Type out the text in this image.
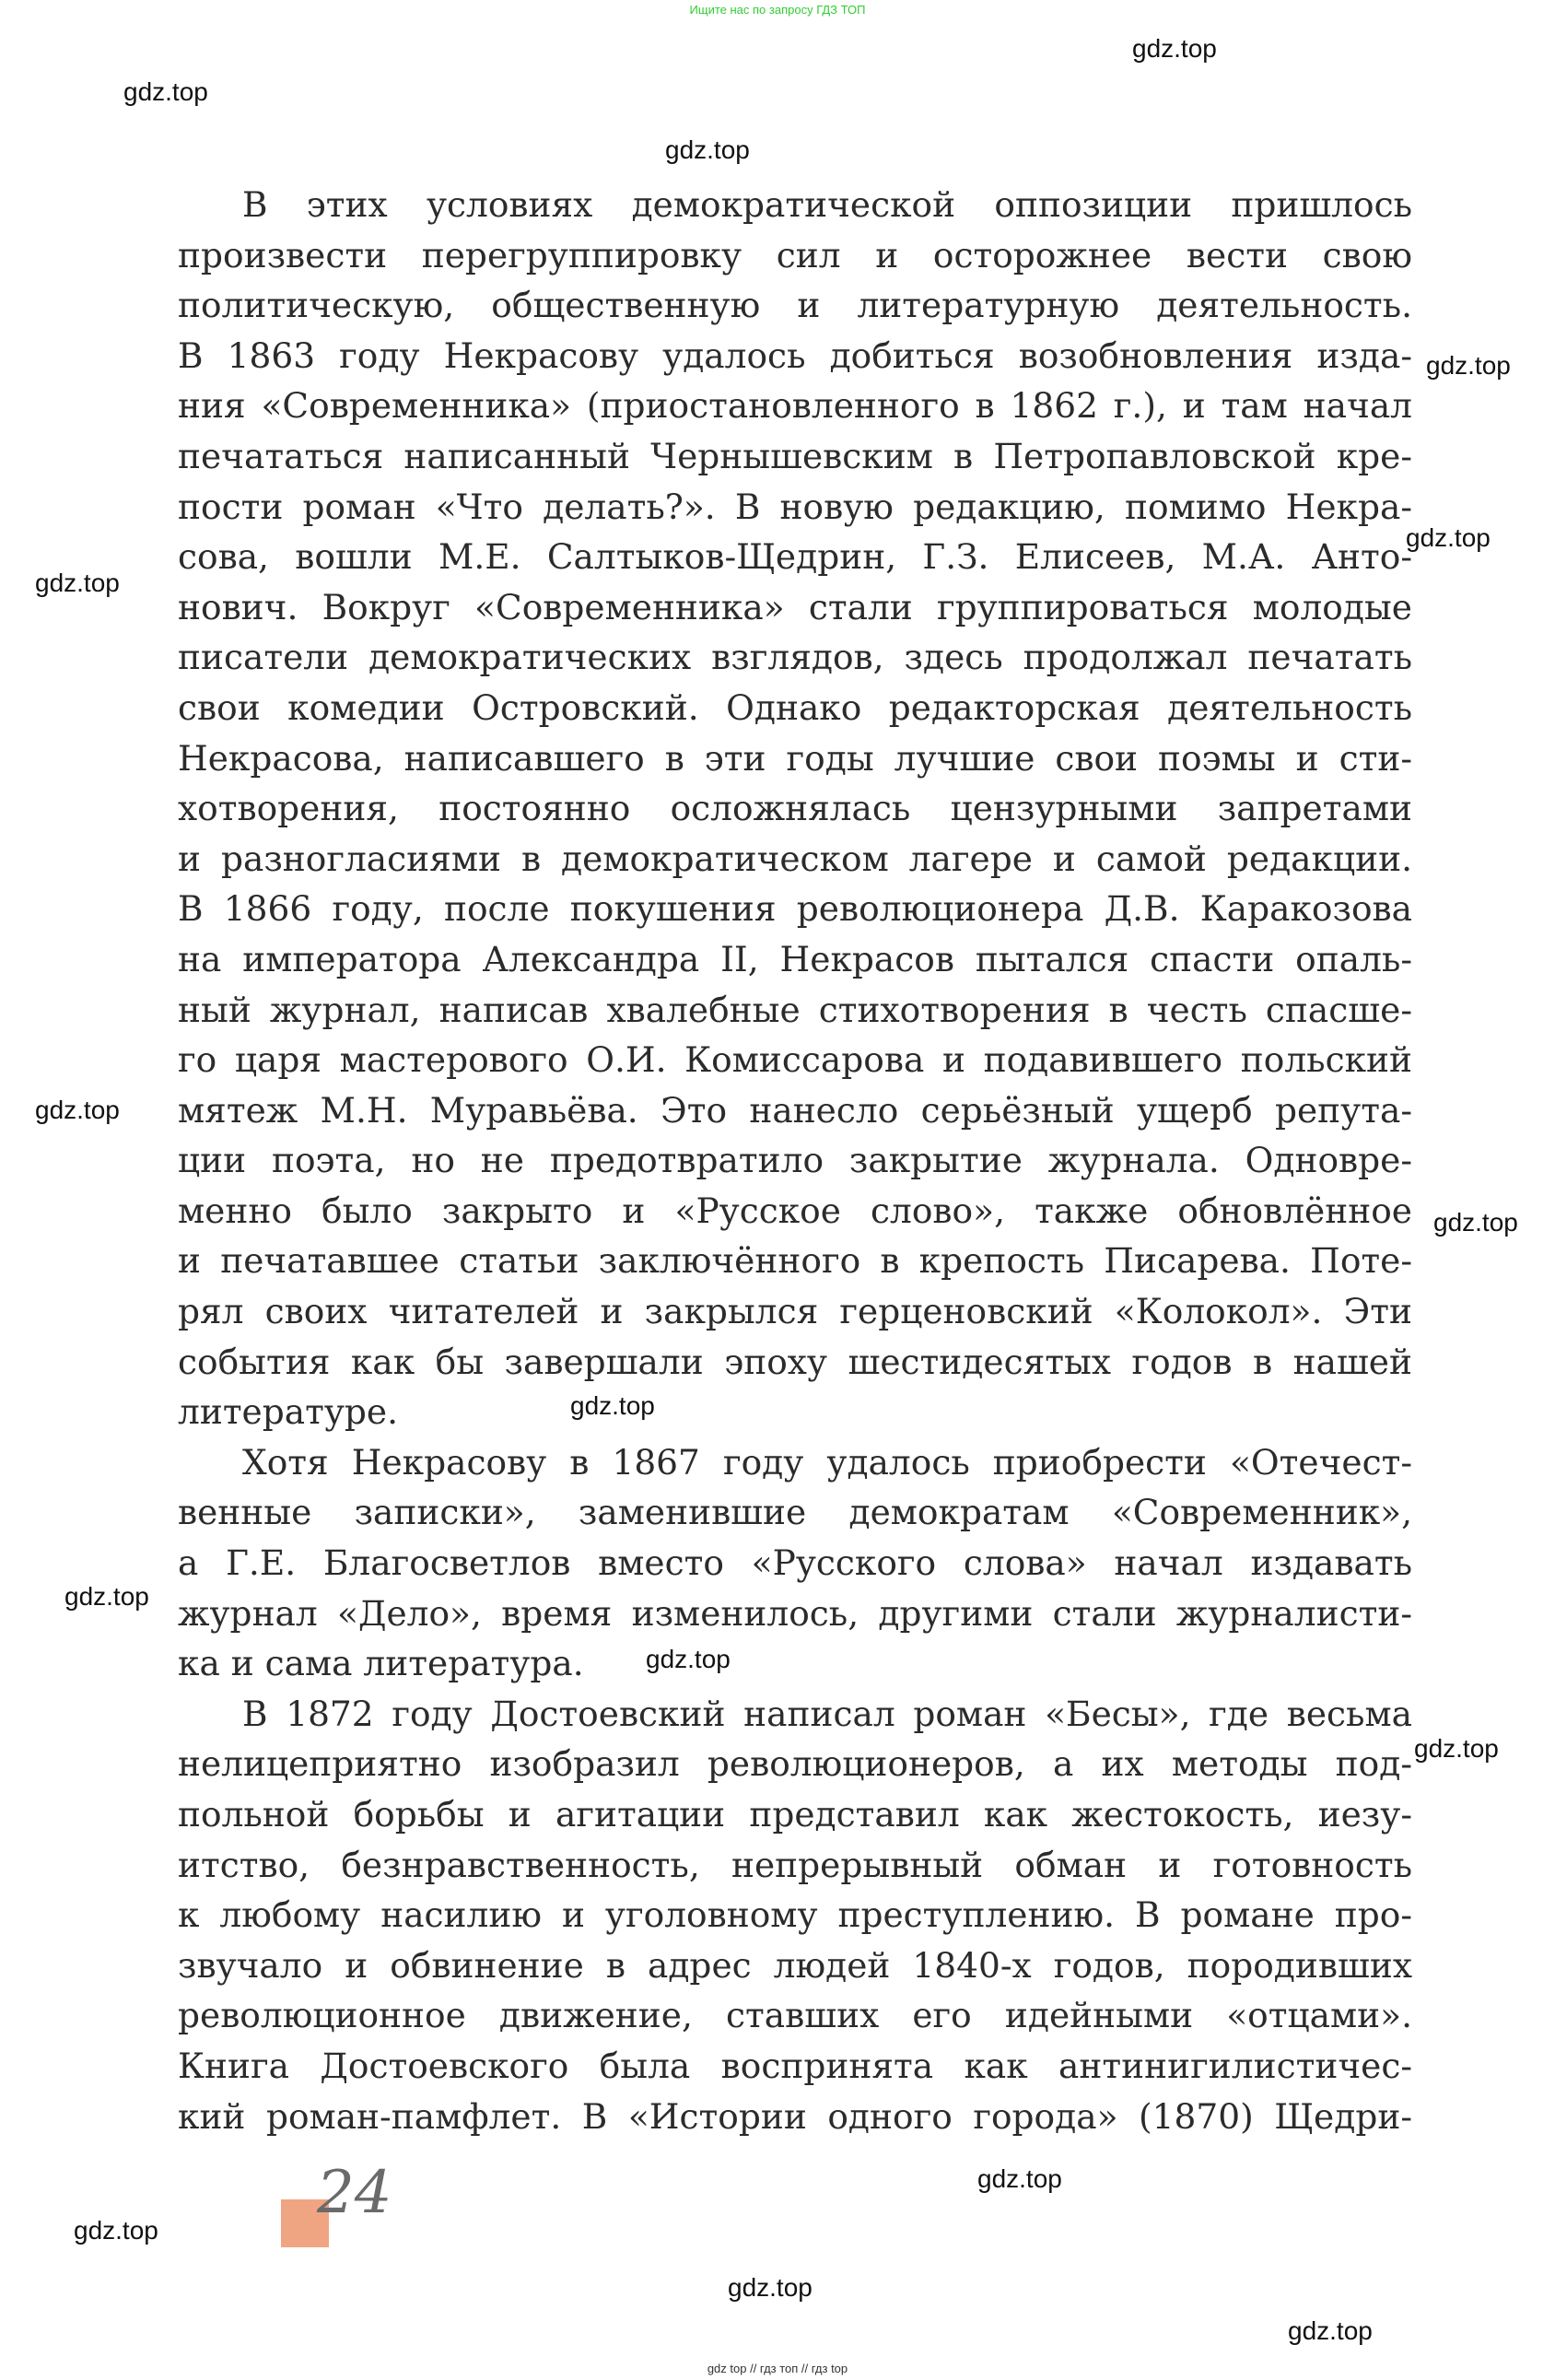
Ищите нас по запросу ГДЗ ТОП
gdz.top
gdz.top
gdz.top
gdz.top
gdz.top
gdz.top
gdz.top
gdz.top
gdz.top
gdz.top
gdz.top
gdz.top
gdz.top
gdz.top
gdz.top
gdz.top
В этих условиях демократической оппозиции пришлось
произвести перегруппировку сил и осторожнее вести свою
политическую, общественную и литературную деятельность.
В 1863 году Некрасову удалось добиться возобновления изда-
ния «Современника» (приостановленного в 1862 г.), и там начал
печататься написанный Чернышевским в Петропавловской кре-
пости роман «Что делать?». В новую редакцию, помимо Некра-
сова, вошли М.Е. Салтыков-Щедрин, Г.З. Елисеев, М.А. Анто-
нович. Вокруг «Современника» стали группироваться молодые
писатели демократических взглядов, здесь продолжал печатать
свои комедии Островский. Однако редакторская деятельность
Некрасова, написавшего в эти годы лучшие свои поэмы и сти-
хотворения, постоянно осложнялась цензурными запретами
и разногласиями в демократическом лагере и самой редакции.
В 1866 году, после покушения революционера Д.В. Каракозова
на императора Александра II, Некрасов пытался спасти опаль-
ный журнал, написав хвалебные стихотворения в честь спасше-
го царя мастерового О.И. Комиссарова и подавившего польский
мятеж М.Н. Муравьёва. Это нанесло серьёзный ущерб репута-
ции поэта, но не предотвратило закрытие журнала. Одновре-
менно было закрыто и «Русское слово», также обновлённое
и печатавшее статьи заключённого в крепость Писарева. Поте-
рял своих читателей и закрылся герценовский «Колокол». Эти
события как бы завершали эпоху шестидесятых годов в нашей
литературе.
Хотя Некрасову в 1867 году удалось приобрести «Отечест-
венные записки», заменившие демократам «Современник»,
а Г.Е. Благосветлов вместо «Русского слова» начал издавать
журнал «Дело», время изменилось, другими стали журналисти-
ка и сама литература.
В 1872 году Достоевский написал роман «Бесы», где весьма
нелицеприятно изобразил революционеров, а их методы под-
польной борьбы и агитации представил как жестокость, иезу-
итство, безнравственность, непрерывный обман и готовность
к любому насилию и уголовному преступлению. В романе про-
звучало и обвинение в адрес людей 1840-х годов, породивших
революционное движение, ставших его идейными «отцами».
Книга Достоевского была воспринята как антинигилистичес-
кий роман-памфлет. В «Истории одного города» (1870) Щедри-
24
gdz top // гдз топ // гдз top
